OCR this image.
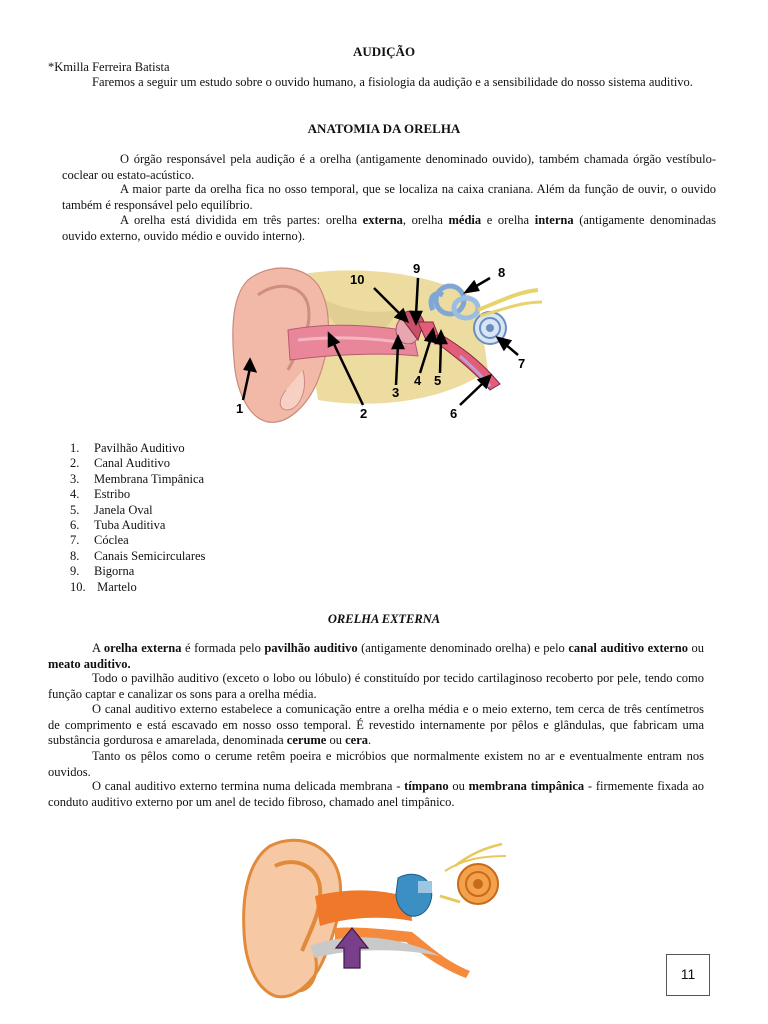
AUDIÇÃO
*Kmilla Ferreira Batista

Faremos a seguir um estudo sobre o ouvido humano, a fisiologia da audição e a sensibilidade do nosso sistema auditivo.

ANATOMIA DA ORELHA

O órgão responsável pela audição é a orelha (antigamente denominado ouvido), também chamada órgão vestíbulo-coclear ou estato-acústico.

A maior parte da orelha fica no osso temporal, que se localiza na caixa craniana. Além da função de ouvir, o ouvido também é responsável pelo equilíbrio.

A orelha está dividida em três partes: orelha externa, orelha média e orelha interna (antigamente denominadas ouvido externo, ouvido médio e ouvido interno).

1	2
3
4 5
6
7
8
9
10
1. Pavilhão Auditivo
2. Canal Auditivo
3. Membrana Timpânica
4. Estribo
5. Janela Oval
6. Tuba Auditiva
7. Cóclea
8. Canais Semicirculares
9. Bigorna
10. Martelo
ORELHA EXTERNA

A orelha externa é formada pelo pavilhão auditivo (antigamente denominado orelha) e pelo canal auditivo externo ou meato auditivo.

Todo o pavilhão auditivo (exceto o lobo ou lóbulo) é constituído por tecido cartilaginoso recoberto por pele, tendo como função captar e canalizar os sons para a orelha média.

O canal auditivo externo estabelece a comunicação entre a orelha média e o meio externo, tem cerca de três centímetros de comprimento e está escavado em nosso osso temporal. É revestido internamente por pêlos e glândulas, que fabricam uma substância gordurosa e amarelada, denominada cerume ou cera.

Tanto os pêlos como o cerume retêm poeira e micróbios que normalmente existem no ar e eventualmente entram nos ouvidos.

O canal auditivo externo termina numa delicada membrana - tímpano ou membrana timpânica - firmemente fixada ao conduto auditivo externo por um anel de tecido fibroso, chamado anel timpânico.

11
